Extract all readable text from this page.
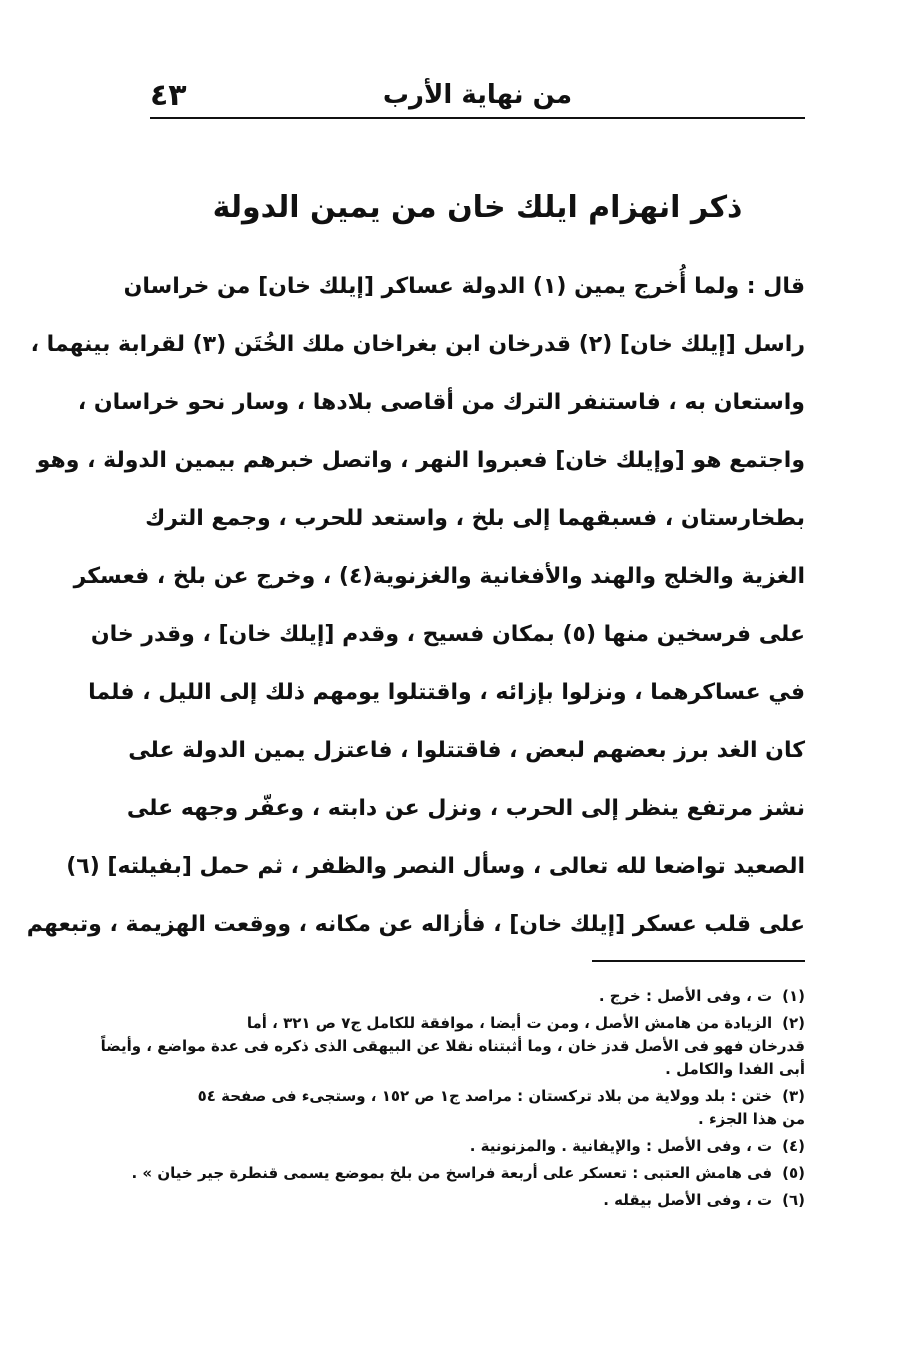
٤٣	من نهاية الأرب
ذكر انهزام ايلك خان من يمين الدولة
قال : ولما أُخرج يمين (١) الدولة عساكر [إيلك خان] من خراسان
راسل [إيلك خان] (٢) قدرخان ابن بغراخان ملك الخُتَن (٣) لقرابة بينهما ،
واستعان به ، فاستنفر الترك من أقاصى بلادها ، وسار نحو خراسان ،
واجتمع هو [وإيلك خان] فعبروا النهر ، واتصل خبرهم بيمين الدولة ، وهو
بطخارستان ، فسبقهما إلى بلخ ، واستعد للحرب ، وجمع الترك
الغزية والخلج والهند والأفغانية والغزنوية(٤) ، وخرج عن بلخ ، فعسكر
على فرسخين منها (٥) بمكان فسيح ، وقدم [إيلك خان] ، وقدر خان
في عساكرهما ، ونزلوا بإزائه ، واقتتلوا يومهم ذلك إلى الليل ، فلما
كان الغد برز بعضهم لبعض ، فاقتتلوا ، فاعتزل يمين الدولة على
نشز مرتفع ينظر إلى الحرب ، ونزل عن دابته ، وعفّر وجهه على
الصعيد تواضعا لله تعالى ، وسأل النصر والظفر ، ثم حمل [بفيلته] (٦)
على قلب عسكر [إيلك خان] ، فأزاله عن مكانه ، ووقعت الهزيمة ، وتبعهم
(١)ت ، وفى الأصل : خرج .
(٢)الزيادة من هامش الأصل ، ومن ت أيضا ، موافقة للكامل ج٧ ص ٣٢١ ، أما
قدرخان فهو فى الأصل قدز خان ، وما أثبتناه نقلا عن البيهقى الذى ذكره فى عدة مواضع ، وأيضاً
أبى الفدا والكامل .
(٣)ختن : بلد وولاية من بلاد تركستان : مراصد ج١ ص ١٥٢ ، وستجىء فى صفحة ٥٤
من هذا الجزء .
(٤)ت ، وفى الأصل : والإيفانية . والمزنونية .
(٥)فى هامش العتبى : تعسكر على أربعة فراسخ من بلخ بموضع يسمى قنطرة جير خيان » .
(٦)ت ، وفى الأصل بيقله .
